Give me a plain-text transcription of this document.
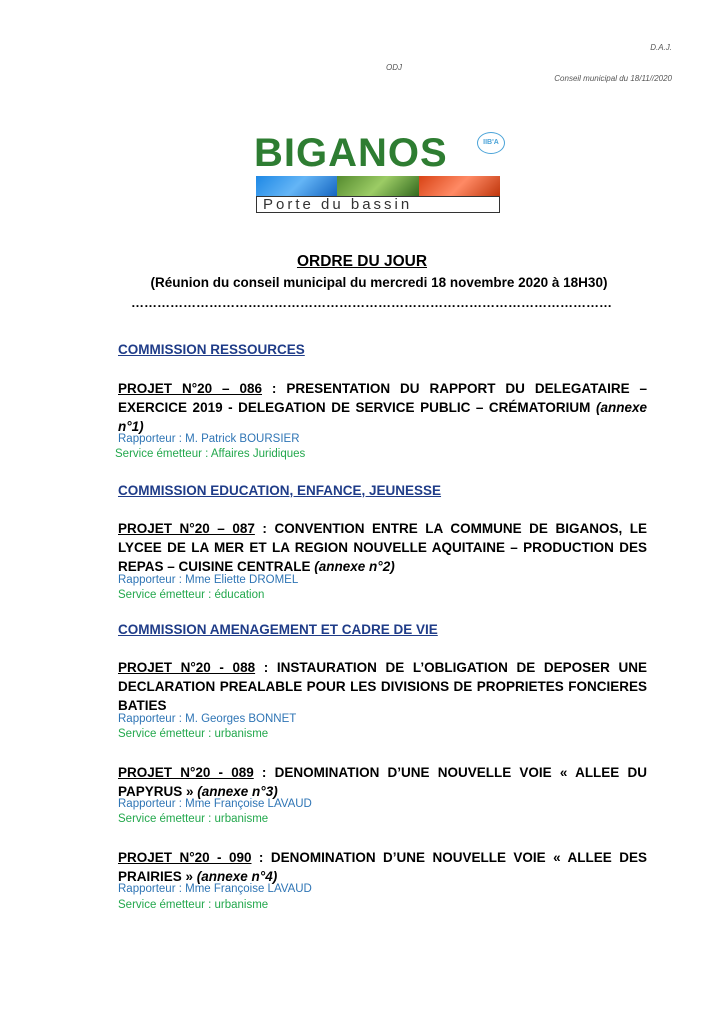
D.A.J.
ODJ
Conseil municipal du 18/11//2020
BIGANOS	IIB'A
Porte du bassin
ORDRE DU JOUR
(Réunion du conseil municipal du mercredi 18 novembre 2020 à 18H30)
…………………………………………………………………………………………………
COMMISSION RESSOURCES
PROJET N°20 – 086 : PRESENTATION DU RAPPORT DU DELEGATAIRE – EXERCICE 2019 - DELEGATION DE SERVICE PUBLIC – CRÉMATORIUM (annexe n°1)
Rapporteur : M. Patrick BOURSIER
Service émetteur : Affaires Juridiques
COMMISSION EDUCATION, ENFANCE, JEUNESSE
PROJET N°20 – 087 : CONVENTION ENTRE LA COMMUNE DE BIGANOS, LE LYCEE DE LA MER ET LA REGION NOUVELLE AQUITAINE – PRODUCTION DES REPAS – CUISINE CENTRALE (annexe n°2)
Rapporteur : Mme Eliette DROMEL
Service émetteur : éducation
COMMISSION AMENAGEMENT ET CADRE DE VIE
PROJET N°20 - 088 : INSTAURATION DE L’OBLIGATION DE DEPOSER UNE DECLARATION PREALABLE POUR LES DIVISIONS DE PROPRIETES FONCIERES BATIES
Rapporteur : M. Georges BONNET
Service émetteur : urbanisme
PROJET N°20 - 089 : DENOMINATION D’UNE NOUVELLE VOIE « ALLEE DU PAPYRUS » (annexe n°3)
Rapporteur : Mme Françoise LAVAUD
Service émetteur : urbanisme
PROJET N°20 - 090 : DENOMINATION D’UNE NOUVELLE VOIE « ALLEE DES PRAIRIES » (annexe n°4)
Rapporteur : Mme Françoise LAVAUD
Service émetteur : urbanisme
